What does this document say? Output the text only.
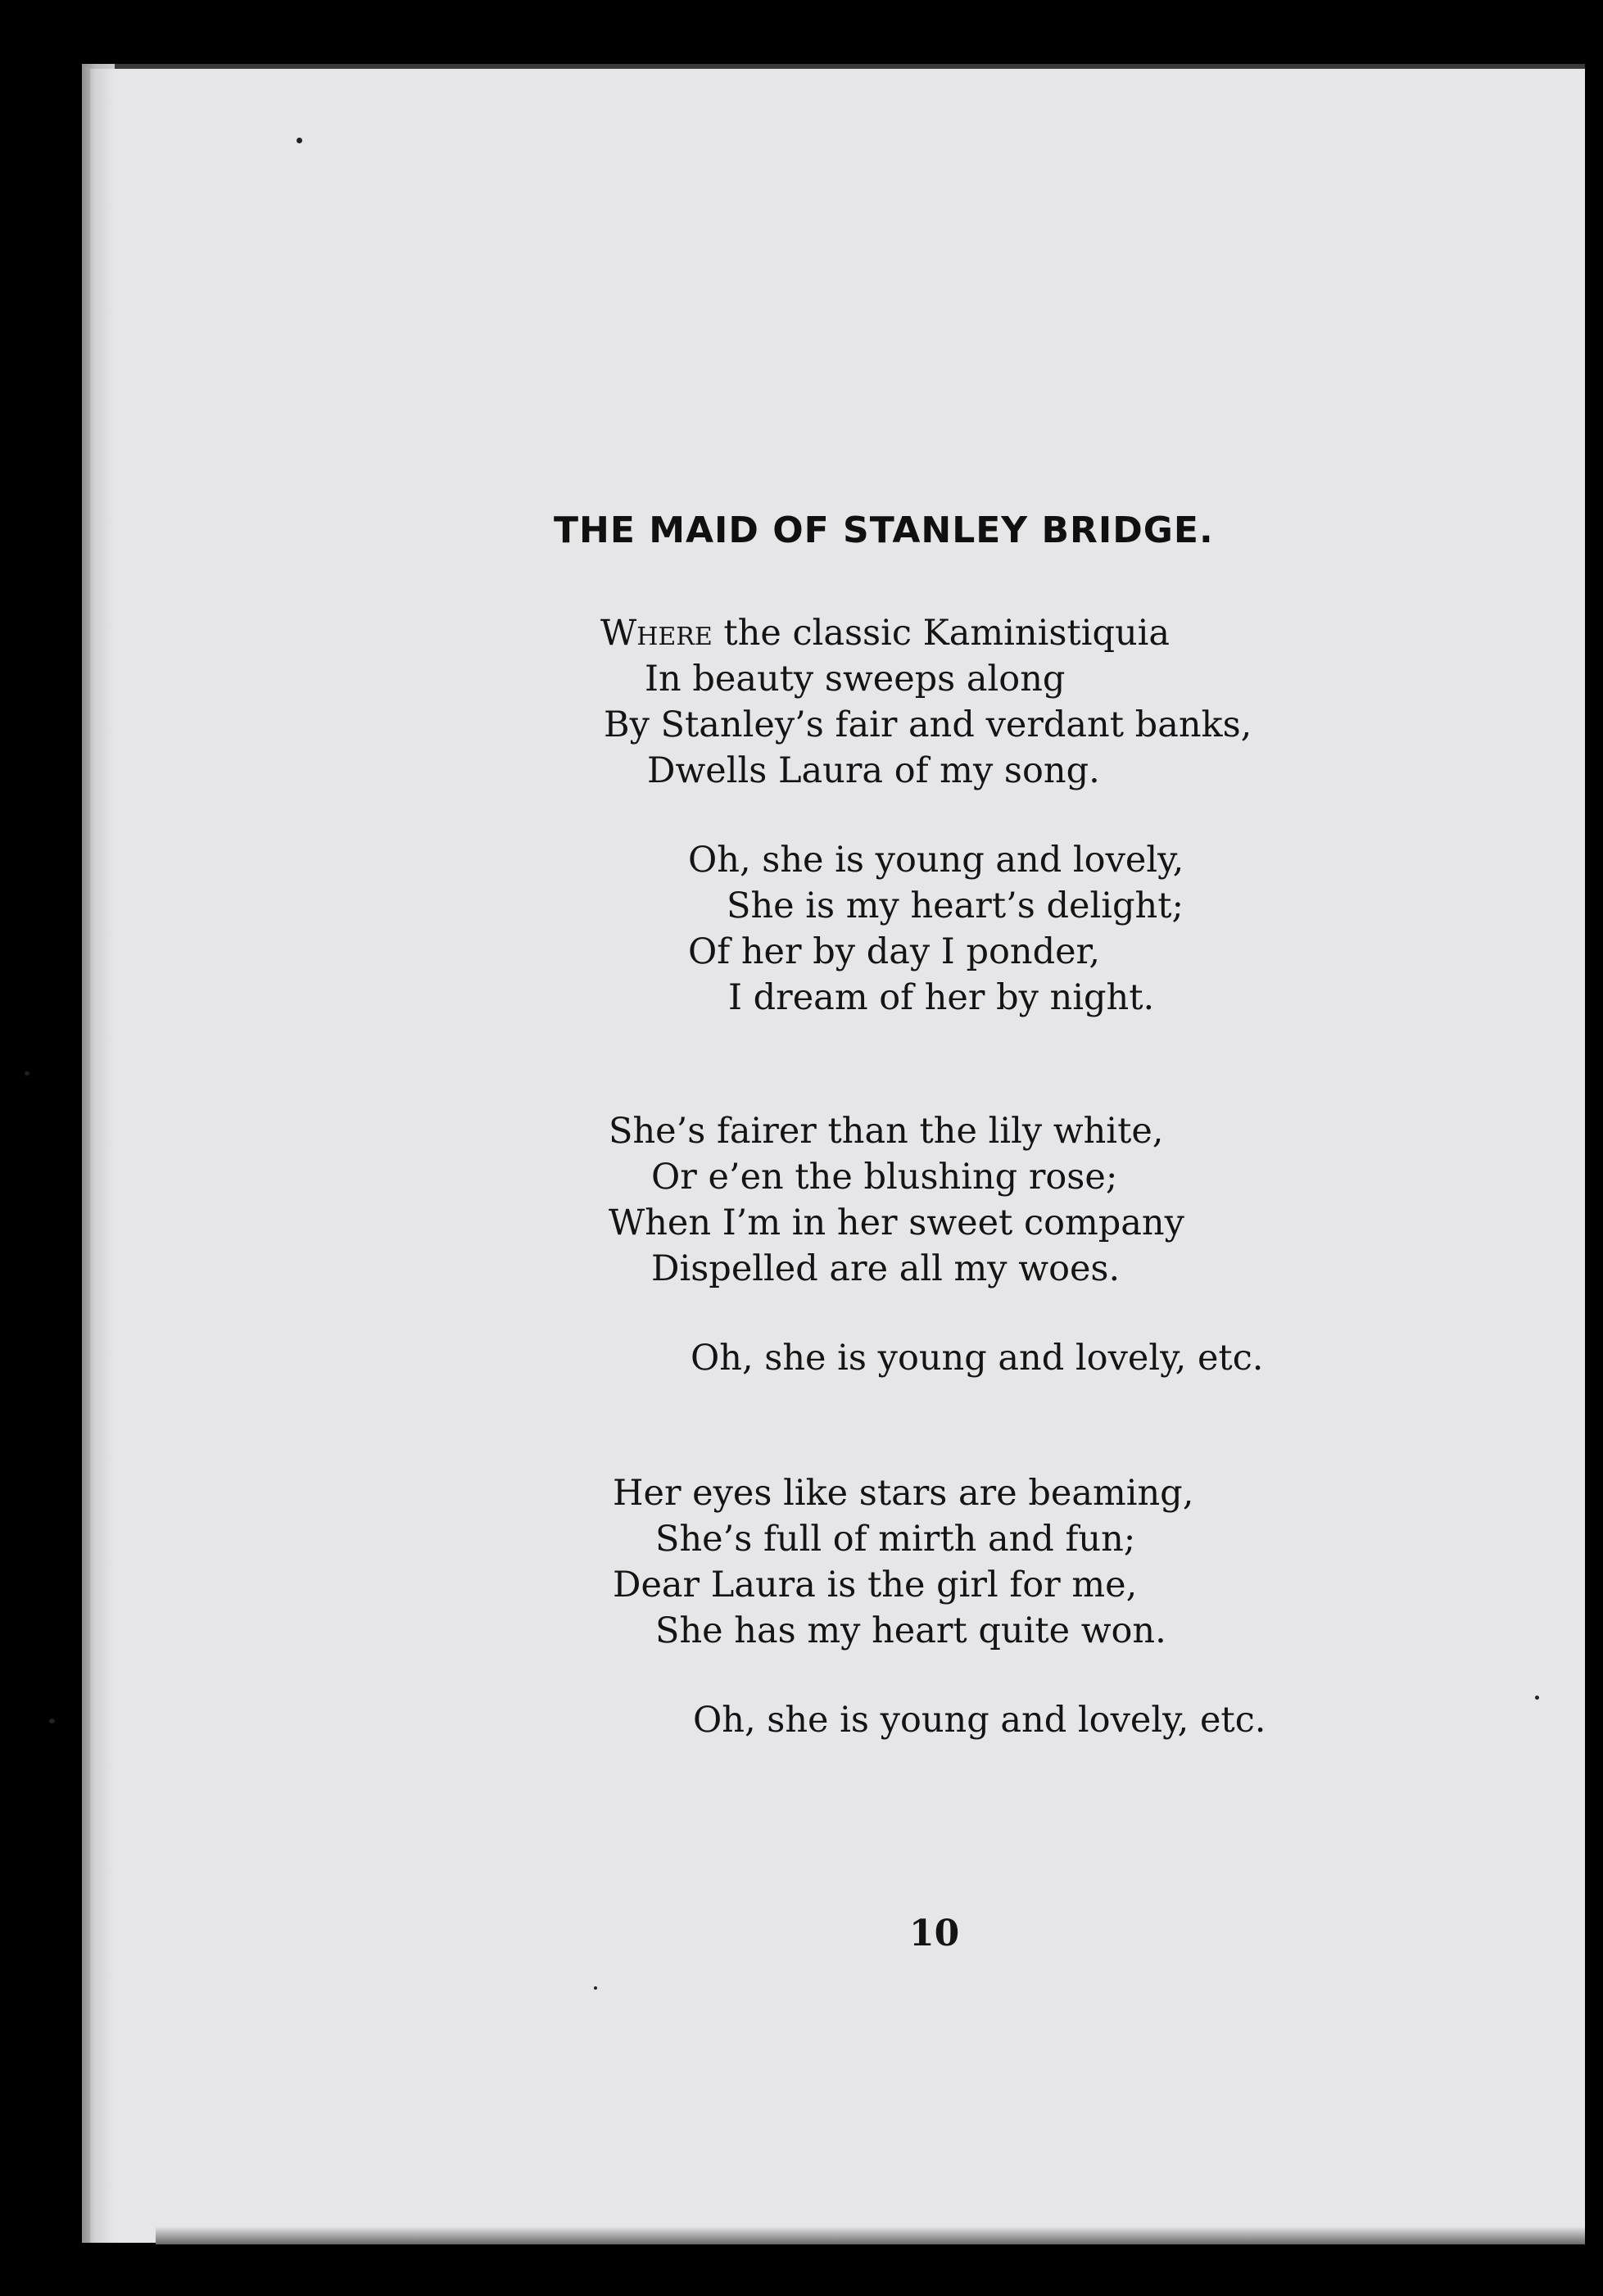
THE MAID OF STANLEY BRIDGE.
Where the classic Kaministiquia
In beauty sweeps along
By Stanley’s fair and verdant banks,
Dwells Laura of my song.
Oh, she is young and lovely,
She is my heart’s delight;
Of her by day I ponder,
I dream of her by night.
She’s fairer than the lily white,
Or e’en the blushing rose;
When I’m in her sweet company
Dispelled are all my woes.
Oh, she is young and lovely, etc.
Her eyes like stars are beaming,
She’s full of mirth and fun;
Dear Laura is the girl for me,
She has my heart quite won.
Oh, she is young and lovely, etc.
10
